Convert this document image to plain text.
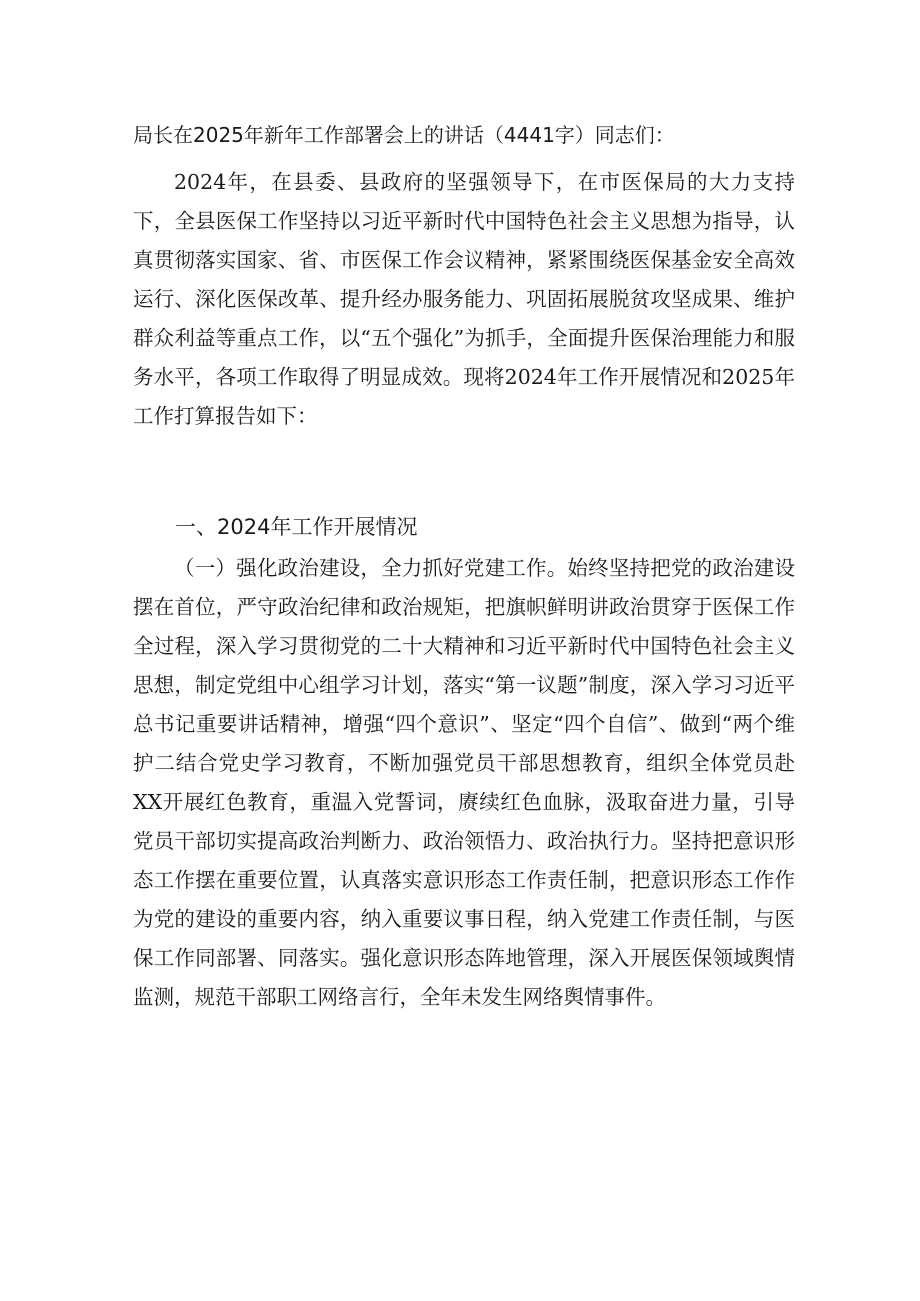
局长在2025年新年工作部署会上的讲话（4441字）同志们：

2024年，在县委、县政府的坚强领导下，在市医保局的大力支持下，全县医保工作坚持以习近平新时代中国特色社会主义思想为指导，认真贯彻落实国家、省、市医保工作会议精神，紧紧围绕医保基金安全高效运行、深化医保改革、提升经办服务能力、巩固拓展脱贫攻坚成果、维护群众利益等重点工作，以“五个强化”为抓手，全面提升医保治理能力和服务水平，各项工作取得了明显成效。现将2024年工作开展情况和2025年工作打算报告如下：

一、2024年工作开展情况

（一）强化政治建设，全力抓好党建工作。始终坚持把党的政治建设摆在首位，严守政治纪律和政治规矩，把旗帜鲜明讲政治贯穿于医保工作全过程，深入学习贯彻党的二十大精神和习近平新时代中国特色社会主义思想，制定党组中心组学习计划，落实“第一议题”制度，深入学习习近平总书记重要讲话精神，增强“四个意识”、坚定“四个自信”、做到“两个维护二结合党史学习教育，不断加强党员干部思想教育，组织全体党员赴XX开展红色教育，重温入党誓词，赓续红色血脉，汲取奋进力量，引导党员干部切实提高政治判断力、政治领悟力、政治执行力。坚持把意识形态工作摆在重要位置，认真落实意识形态工作责任制，把意识形态工作作为党的建设的重要内容，纳入重要议事日程，纳入党建工作责任制，与医保工作同部署、同落实。强化意识形态阵地管理，深入开展医保领域舆情监测，规范干部职工网络言行，全年未发生网络舆情事件。
